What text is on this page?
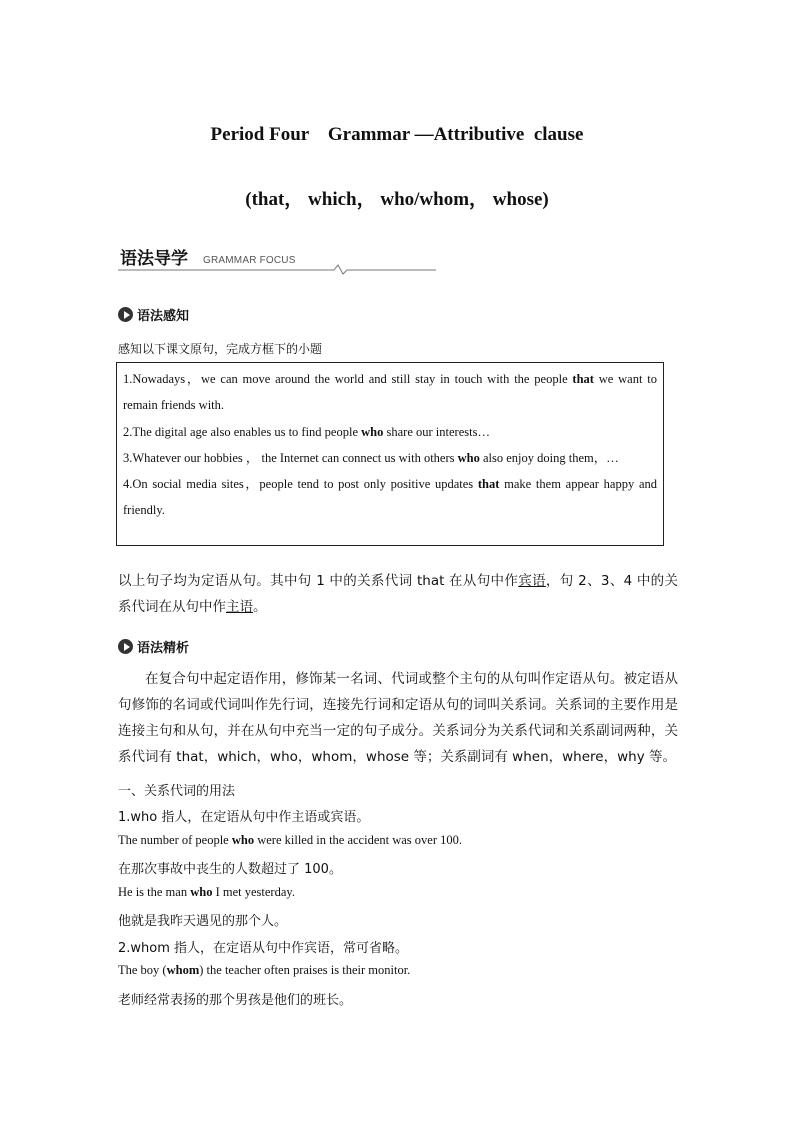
Period Four    Grammar —Attributive  clause
(that， which， who/whom， whose)
语法导学 GRAMMAR FOCUS
语法感知
感知以下课文原句，完成方框下的小题

1.Nowadays，we can move around the world and still stay in touch with the people that we want to remain friends with.

2.The digital age also enables us to find people who share our interests…

3.Whatever our hobbies ， the Internet can connect us with others who also enjoy doing them，…

4.On social media sites，people tend to post only positive updates that make them appear happy and friendly.

以上句子均为定语从句。其中句 1 中的关系代词 that 在从句中作宾语，句 2、3、4 中的关系代词在从句中作主语。
语法精析
在复合句中起定语作用，修饰某一名词、代词或整个主句的从句叫作定语从句。被定语从句修饰的名词或代词叫作先行词，连接先行词和定语从句的词叫关系词。关系词的主要作用是连接主句和从句，并在从句中充当一定的句子成分。关系词分为关系代词和关系副词两种，关系代词有 that，which，who，whom，whose 等；关系副词有 when，where，why 等。
一、关系代词的用法
1.who 指人，在定语从句中作主语或宾语。
The number of people who were killed in the accident was over 100.
在那次事故中丧生的人数超过了 100。
He is the man who I met yesterday.
他就是我昨天遇见的那个人。
2.whom 指人，在定语从句中作宾语，常可省略。
The boy (whom) the teacher often praises is their monitor.
老师经常表扬的那个男孩是他们的班长。
